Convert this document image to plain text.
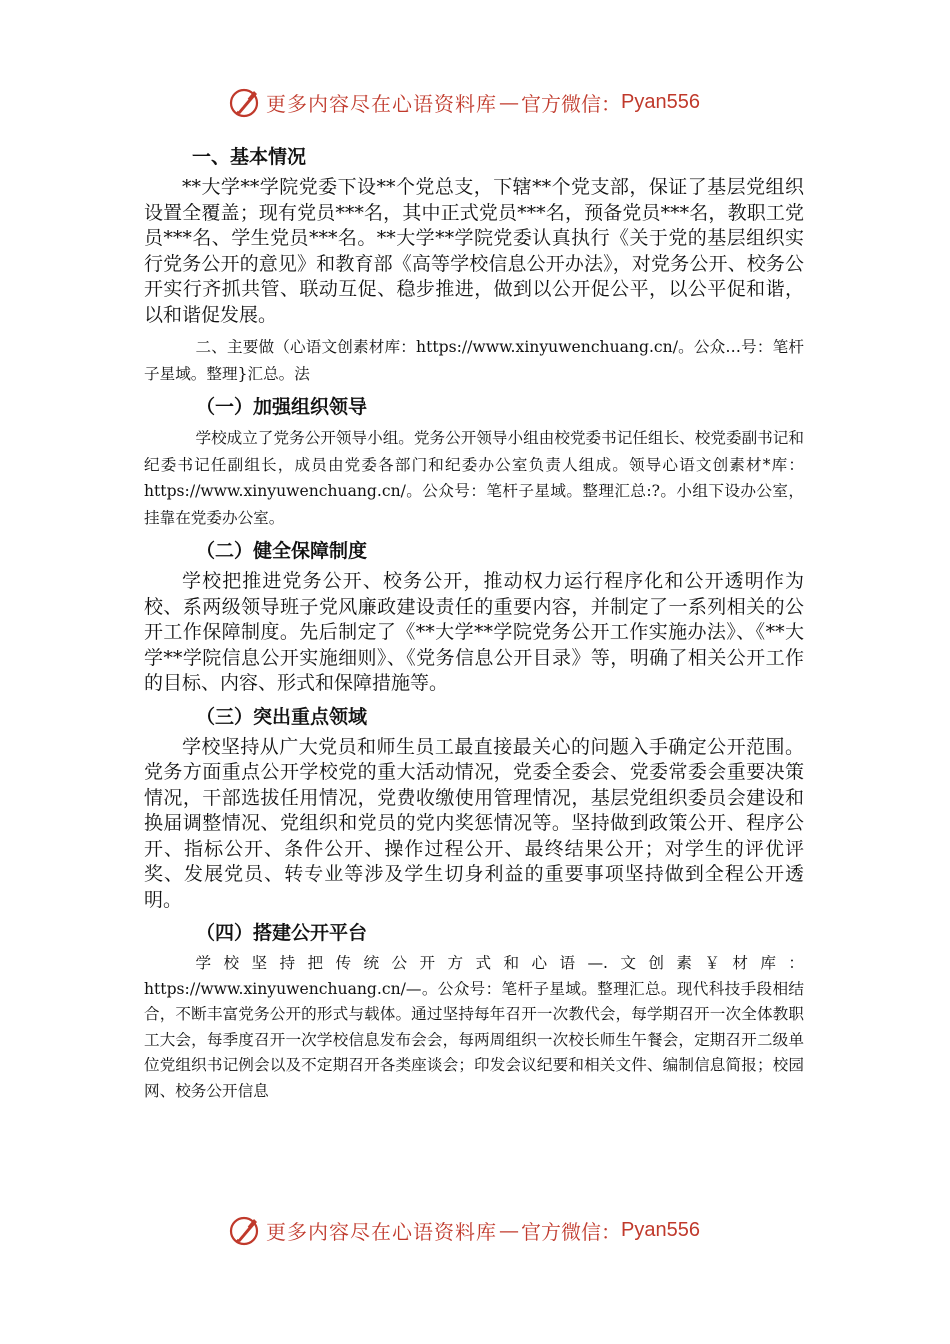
更多内容尽在心语资料库 — 官方微信： Pyan556
一、基本情况

**大学**学院党委下设**个党总支，下辖**个党支部，保证了基层党组织设置全覆盖；现有党员***名，其中正式党员***名，预备党员***名，教职工党员***名、学生党员***名。**大学**学院党委认真执行《关于党的基层组织实行党务公开的意见》和教育部《高等学校信息公开办法》，对党务公开、校务公开实行齐抓共管、联动互促、稳步推进，做到以公开促公平，以公平促和谐，以和谐促发展。

二、主要做（心语文创素材库：https://www.xinyuwenchuang.cn/。公众…号：笔杆子星域。整理}汇总。法

（一）加强组织领导

学校成立了党务公开领导小组。党务公开领导小组由校党委书记任组长、校党委副书记和纪委书记任副组长，成员由党委各部门和纪委办公室负责人组成。领导心语文创素材*库：https://www.xinyuwenchuang.cn/。公众号：笔杆子星域。整理汇总:?。小组下设办公室，挂靠在党委办公室。

（二）健全保障制度

学校把推进党务公开、校务公开，推动权力运行程序化和公开透明作为校、系两级领导班子党风廉政建设责任的重要内容，并制定了一系列相关的公开工作保障制度。先后制定了《**大学**学院党务公开工作实施办法》、《**大学**学院信息公开实施细则》、《党务信息公开目录》等，明确了相关公开工作的目标、内容、形式和保障措施等。

（三）突出重点领域

学校坚持从广大党员和师生员工最直接最关心的问题入手确定公开范围。党务方面重点公开学校党的重大活动情况，党委全委会、党委常委会重要决策情况，干部选拔任用情况，党费收缴使用管理情况，基层党组织委员会建设和换届调整情况、党组织和党员的党内奖惩情况等。坚持做到政策公开、程序公开、指标公开、条件公开、操作过程公开、最终结果公开；对学生的评优评奖、发展党员、转专业等涉及学生切身利益的重要事项坚持做到全程公开透明。

（四）搭建公开平台

学校坚持把传统公开方式和心语—.文创素￥材库：https://www.xinyuwenchuang.cn/—。公众号：笔杆子星域。整理汇总。现代科技手段相结合，不断丰富党务公开的形式与载体。通过坚持每年召开一次教代会，每学期召开一次全体教职工大会，每季度召开一次学校信息发布会会，每两周组织一次校长师生午餐会，定期召开二级单位党组织书记例会以及不定期召开各类座谈会；印发会议纪要和相关文件、编制信息简报；校园网、校务公开信息

更多内容尽在心语资料库 — 官方微信： Pyan556
